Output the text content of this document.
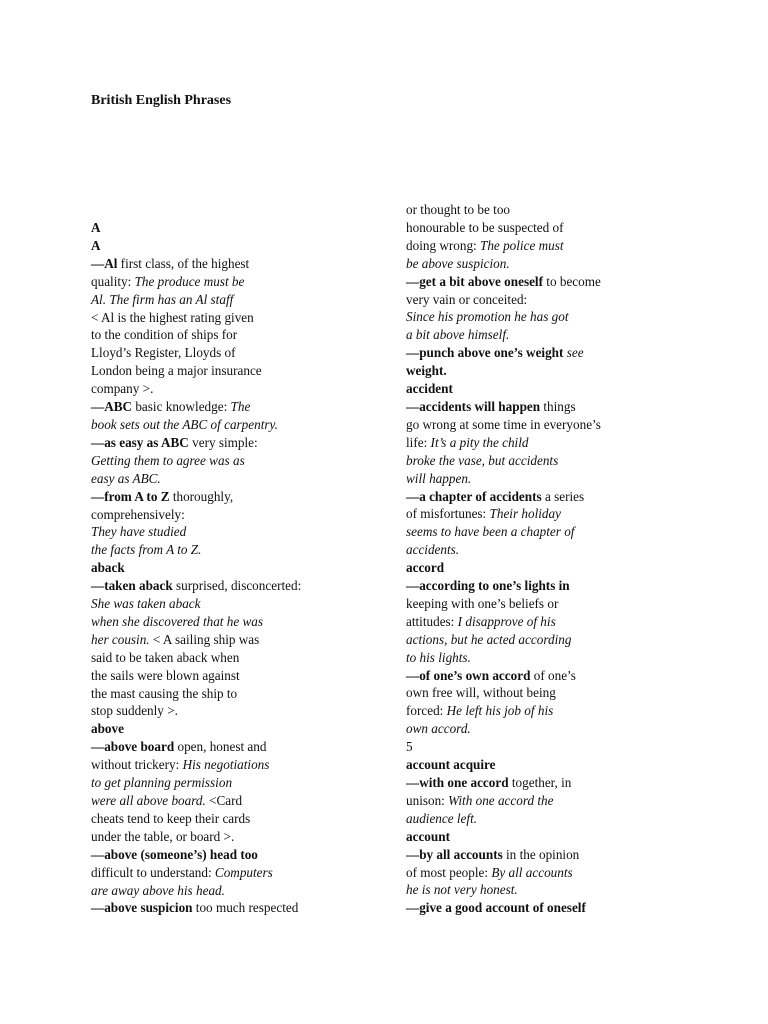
British English Phrases
A
A
—Al first class, of the highest
quality: The produce must be
Al. The firm has an Al staff
< Al is the highest rating given
to the condition of ships for
Lloyd’s Register, Lloyds of
London being a major insurance
company >.
—ABC basic knowledge: The
book sets out the ABC of carpentry.
—as easy as ABC very simple:
Getting them to agree was as
easy as ABC.
—from A to Z thoroughly,
comprehensively:
They have studied
the facts from A to Z.
aback
—taken aback surprised, disconcerted:
She was taken aback
when she discovered that he was
her cousin. < A sailing ship was
said to be taken aback when
the sails were blown against
the mast causing the ship to
stop suddenly >.
above
—above board open, honest and
without trickery: His negotiations
to get planning permission
were all above board. <Card
cheats tend to keep their cards
under the table, or board >.
—above (someone’s) head too
difficult to understand: Computers
are away above his head.
—above suspicion too much respected
or thought to be too
honourable to be suspected of
doing wrong: The police must
be above suspicion.
—get a bit above oneself to become
very vain or conceited:
Since his promotion he has got
a bit above himself.
—punch above one’s weight see
weight.
accident
—accidents will happen things
go wrong at some time in everyone’s
life: It’s a pity the child
broke the vase, but accidents
will happen.
—a chapter of accidents a series
of misfortunes: Their holiday
seems to have been a chapter of
accidents.
accord
—according to one’s lights in
keeping with one’s beliefs or
attitudes: I disapprove of his
actions, but he acted according
to his lights.
—of one’s own accord of one’s
own free will, without being
forced: He left his job of his
own accord.
5
account acquire
—with one accord together, in
unison: With one accord the
audience left.
account
—by all accounts in the opinion
of most people: By all accounts
he is not very honest.
—give a good account of oneself
